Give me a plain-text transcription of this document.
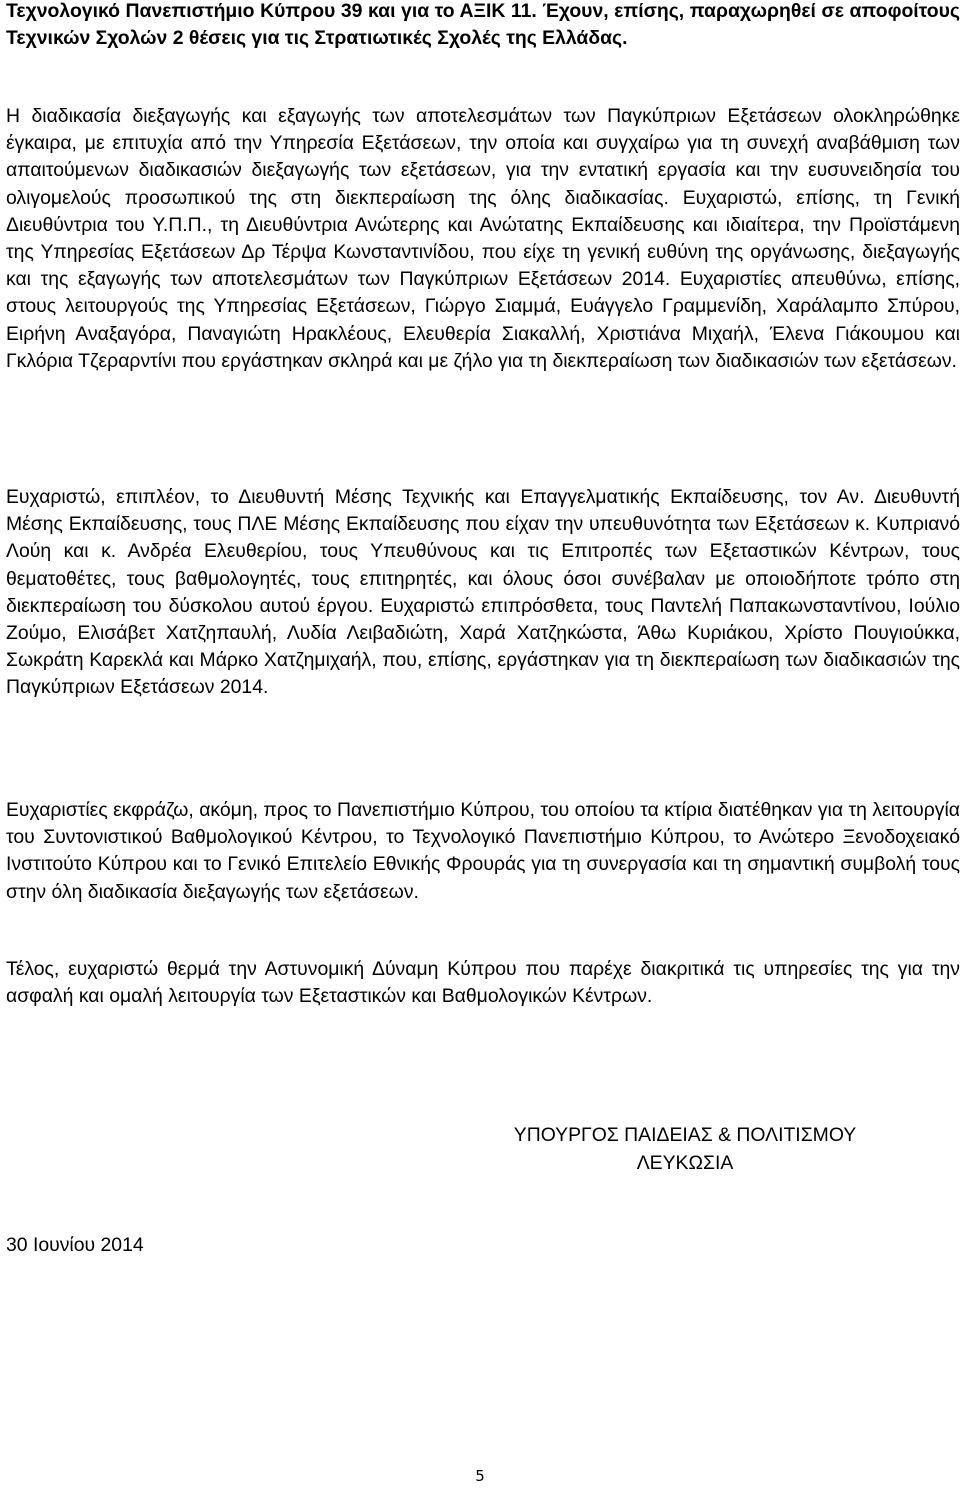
Τεχνολογικό Πανεπιστήμιο Κύπρου 39 και για το ΑΞΙΚ 11. Έχουν, επίσης, παραχωρηθεί σε αποφοίτους Τεχνικών Σχολών 2 θέσεις για τις Στρατιωτικές Σχολές της Ελλάδας.

Η διαδικασία διεξαγωγής και εξαγωγής των αποτελεσμάτων των Παγκύπριων Εξετάσεων ολοκληρώθηκε έγκαιρα, με επιτυχία από την Υπηρεσία Εξετάσεων, την οποία και συγχαίρω για τη συνεχή αναβάθμιση των απαιτούμενων διαδικασιών διεξαγωγής των εξετάσεων, για την εντατική εργασία και την ευσυνειδησία του ολιγομελούς προσωπικού της στη διεκπεραίωση της όλης διαδικασίας. Ευχαριστώ, επίσης, τη Γενική Διευθύντρια του Υ.Π.Π., τη Διευθύντρια Ανώτερης και Ανώτατης Εκπαίδευσης και ιδιαίτερα, την Προϊστάμενη της Υπηρεσίας Εξετάσεων Δρ Τέρψα Κωνσταντινίδου, που είχε τη γενική ευθύνη της οργάνωσης, διεξαγωγής και της εξαγωγής των αποτελεσμάτων των Παγκύπριων Εξετάσεων 2014. Ευχαριστίες απευθύνω, επίσης, στους λειτουργούς της Υπηρεσίας Εξετάσεων, Γιώργο Σιαμμά, Ευάγγελο Γραμμενίδη, Χαράλαμπο Σπύρου, Ειρήνη Αναξαγόρα, Παναγιώτη Ηρακλέους, Ελευθερία Σιακαλλή, Χριστιάνα Μιχαήλ, Έλενα Γιάκουμου και Γκλόρια Τζεραρντίνι που εργάστηκαν σκληρά και με ζήλο για τη διεκπεραίωση των διαδικασιών των εξετάσεων.

Ευχαριστώ, επιπλέον, το Διευθυντή Μέσης Τεχνικής και Επαγγελματικής Εκπαίδευσης, τον Αν. Διευθυντή Μέσης Εκπαίδευσης, τους ΠΛΕ Μέσης Εκπαίδευσης που είχαν την υπευθυνότητα των Εξετάσεων κ. Κυπριανό Λούη και κ. Ανδρέα Ελευθερίου, τους Υπευθύνους και τις Επιτροπές των Εξεταστικών Κέντρων, τους θεματοθέτες, τους βαθμολογητές, τους επιτηρητές, και όλους όσοι συνέβαλαν με οποιοδήποτε τρόπο στη διεκπεραίωση του δύσκολου αυτού έργου. Ευχαριστώ επιπρόσθετα, τους Παντελή Παπακωνσταντίνου, Ιούλιο Ζούμο, Ελισάβετ Χατζηπαυλή, Λυδία Λειβαδιώτη, Χαρά Χατζηκώστα, Άθω Κυριάκου, Χρίστο Πουγιούκκα, Σωκράτη Καρεκλά και Μάρκο Χατζημιχαήλ, που, επίσης, εργάστηκαν για τη διεκπεραίωση των διαδικασιών της Παγκύπριων Εξετάσεων 2014.

Ευχαριστίες εκφράζω, ακόμη, προς το Πανεπιστήμιο Κύπρου, του οποίου τα κτίρια διατέθηκαν για τη λειτουργία του Συντονιστικού Βαθμολογικού Κέντρου, το Τεχνολογικό Πανεπιστήμιο Κύπρου, το Ανώτερο Ξενοδοχειακό Ινστιτούτο Κύπρου και το Γενικό Επιτελείο Εθνικής Φρουράς για τη συνεργασία και τη σημαντική συμβολή τους στην όλη διαδικασία διεξαγωγής των εξετάσεων.

Τέλος, ευχαριστώ θερμά την Αστυνομική Δύναμη Κύπρου που παρέχε διακριτικά τις υπηρεσίες της για την ασφαλή και ομαλή λειτουργία των Εξεταστικών και Βαθμολογικών Κέντρων.

ΥΠΟΥΡΓΟΣ ΠΑΙΔΕΙΑΣ & ΠΟΛΙΤΙΣΜΟΥ
ΛΕΥΚΩΣΙΑ
30 Ιουνίου 2014
5
